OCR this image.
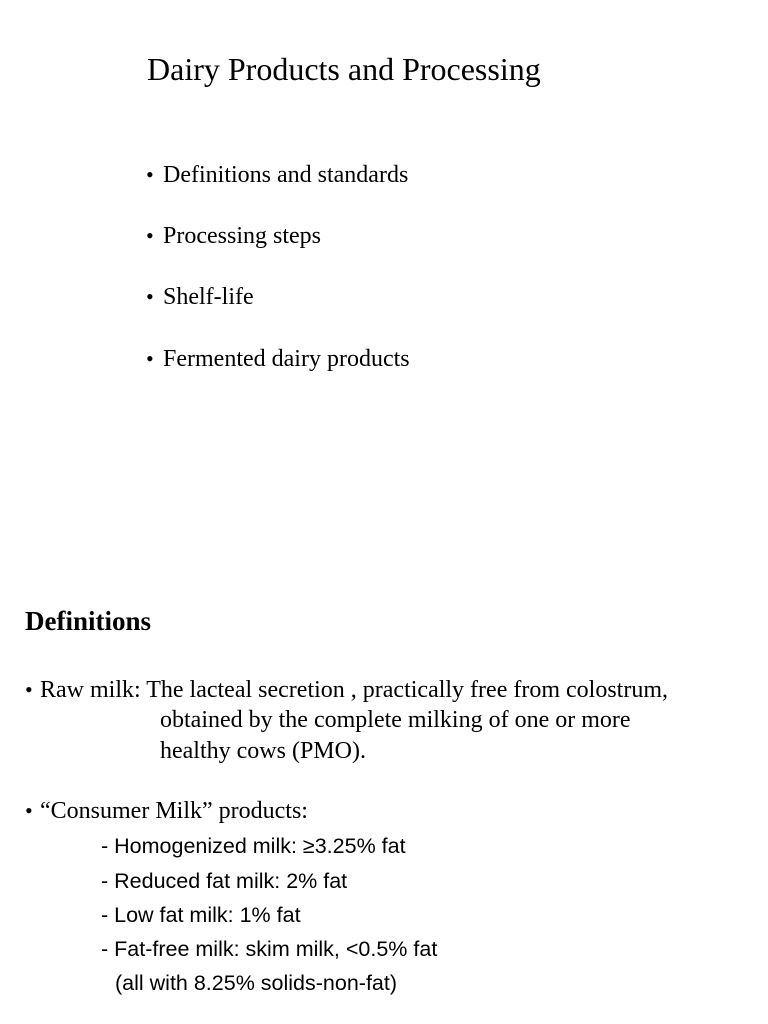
Dairy Products and Processing
• Definitions and standards
• Processing steps
• Shelf-life
• Fermented dairy products
Definitions
• Raw milk: The lacteal secretion , practically free from colostrum,
obtained by the complete milking of one or more
healthy cows (PMO).
• “Consumer Milk” products:
- Homogenized milk: ≥3.25% fat
- Reduced fat milk: 2% fat
- Low fat milk: 1% fat
- Fat-free milk: skim milk, <0.5% fat
(all with 8.25% solids-non-fat)
